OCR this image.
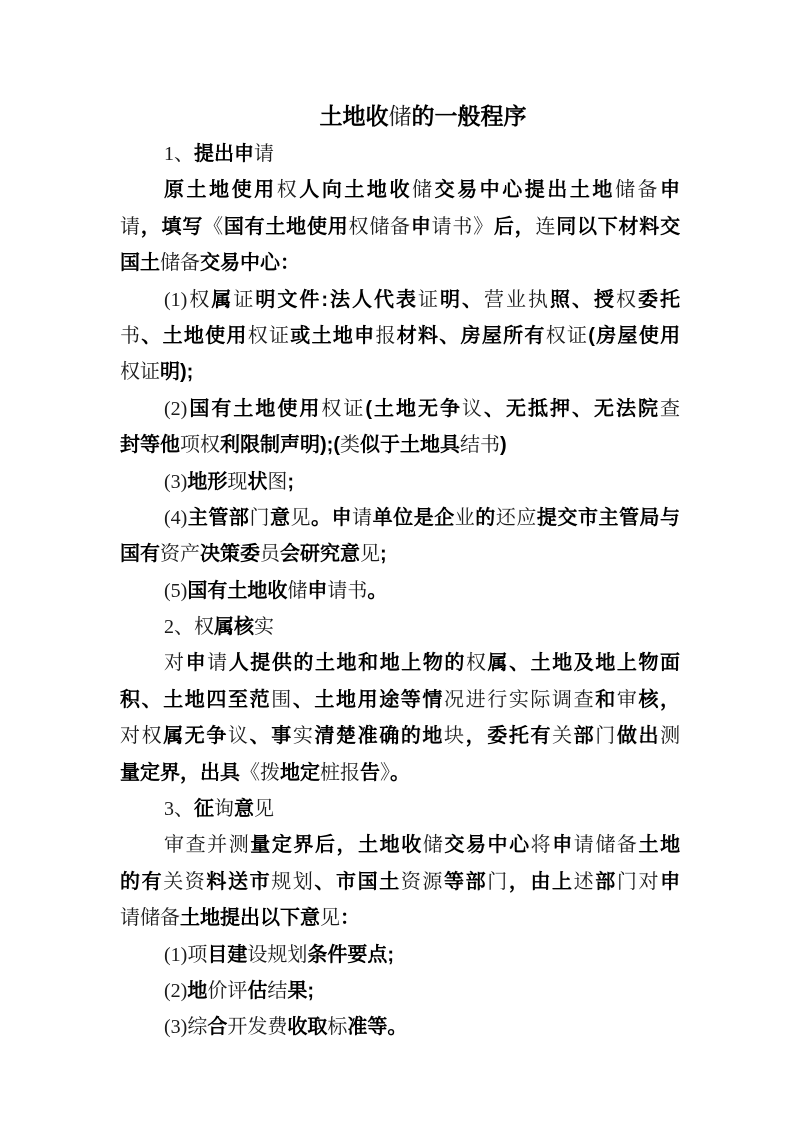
土地收储的一般程序
1、提出申请
原土地使用权人向土地收储交易中心提出土地储备申
请，填写《国有土地使用权储备申请书》后，连同以下材料交
国土储备交易中心：
(1)权属证明文件:法人代表证明、营业执照、授权委托
书、土地使用权证或土地申报材料、房屋所有权证(房屋使用
权证明);
(2)国有土地使用权证(土地无争议、无抵押、无法院查
封等他项权利限制声明);(类似于土地具结书)
(3)地形现状图;
(4)主管部门意见。申请单位是企业的还应提交市主管局与
国有资产决策委员会研究意见;
(5)国有土地收储申请书。
2、权属核实
对申请人提供的土地和地上物的权属、土地及地上物面
积、土地四至范围、土地用途等情况进行实际调查和审核，
对权属无争议、事实清楚准确的地块，委托有关部门做出测
量定界，出具《拨地定桩报告》。
3、征询意见
审查并测量定界后，土地收储交易中心将申请储备土地
的有关资料送市规划、市国土资源等部门，由上述部门对申
请储备土地提出以下意见：
(1)项目建设规划条件要点;
(2)地价评估结果;
(3)综合开发费收取标准等。
